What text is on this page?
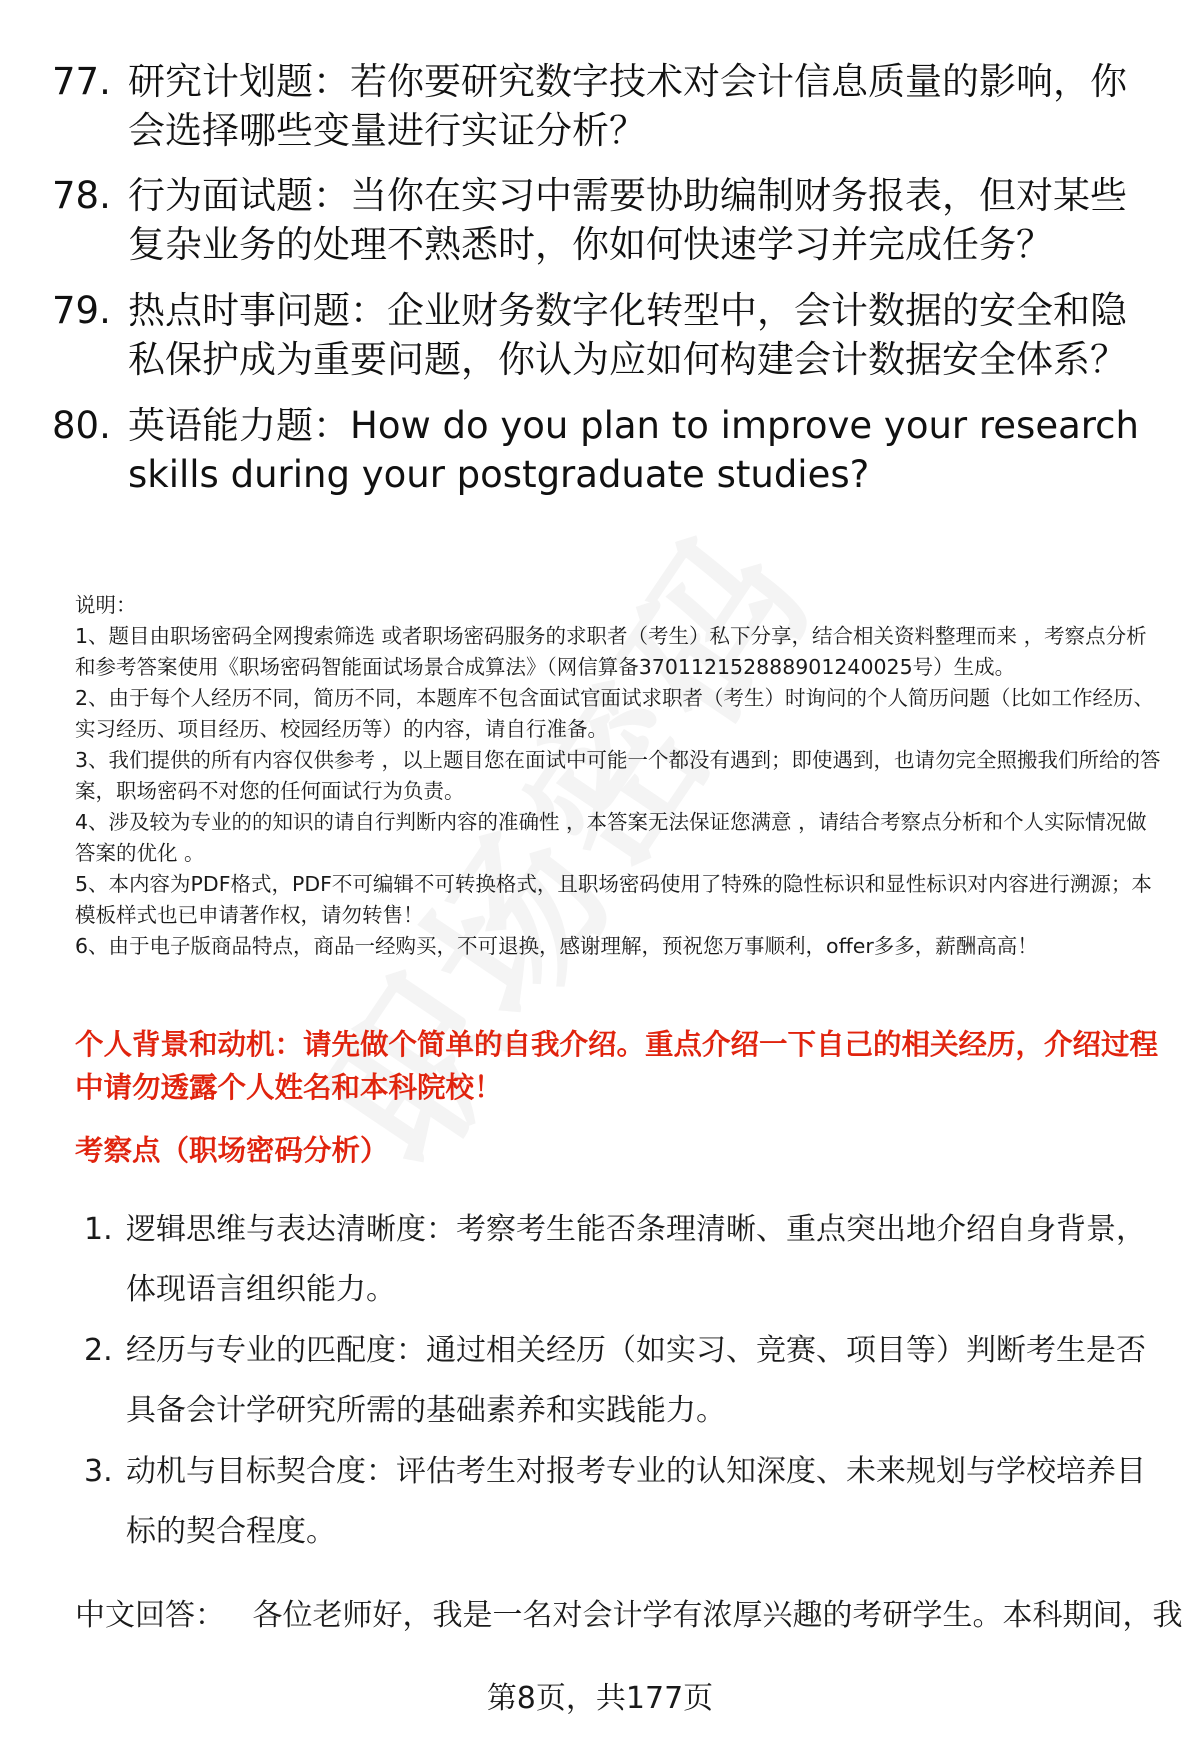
77. 研究计划题：若你要研究数字技术对会计信息质量的影响，你会选择哪些变量进行实证分析？
78. 行为面试题：当你在实习中需要协助编制财务报表，但对某些复杂业务的处理不熟悉时，你如何快速学习并完成任务？
79. 热点时事问题：企业财务数字化转型中，会计数据的安全和隐私保护成为重要问题，你认为应如何构建会计数据安全体系？
80. 英语能力题：How do you plan to improve your research skills during your postgraduate studies?

说明：

1、题目由职场密码全网搜索筛选 或者职场密码服务的求职者（考生）私下分享，结合相关资料整理而来 ，考察点分析和参考答案使用《职场密码智能面试场景合成算法》（网信算备370112152888901240025号）生成。

2、由于每个人经历不同，简历不同，本题库不包含面试官面试求职者（考生）时询问的个人简历问题（比如工作经历、实习经历、项目经历、校园经历等）的内容，请自行准备。

3、我们提供的所有内容仅供参考 ，以上题目您在面试中可能一个都没有遇到；即使遇到，也请勿完全照搬我们所给的答案，职场密码不对您的任何面试行为负责。

4、涉及较为专业的的知识的请自行判断内容的准确性 ，本答案无法保证您满意 ，请结合考察点分析和个人实际情况做答案的优化 。

5、本内容为PDF格式，PDF不可编辑不可转换格式，且职场密码使用了特殊的隐性标识和显性标识对内容进行溯源；本模板样式也已申请著作权，请勿转售！

6、由于电子版商品特点，商品一经购买，不可退换，感谢理解，预祝您万事顺利，offer多多，薪酬高高！

个人背景和动机：请先做个简单的自我介绍。重点介绍一下自己的相关经历，介绍过程中请勿透露个人姓名和本科院校！
考察点（职场密码分析）
1. 逻辑思维与表达清晰度：考察考生能否条理清晰、重点突出地介绍自身背景，体现语言组织能力。
2. 经历与专业的匹配度：通过相关经历（如实习、竞赛、项目等）判断考生是否具备会计学研究所需的基础素养和实践能力。
3. 动机与目标契合度：评估考生对报考专业的认知深度、未来规划与学校培养目标的契合程度。
中文回答： 各位老师好，我是一名对会计学有浓厚兴趣的考研学生。本科期间，我
第8页，共177页
